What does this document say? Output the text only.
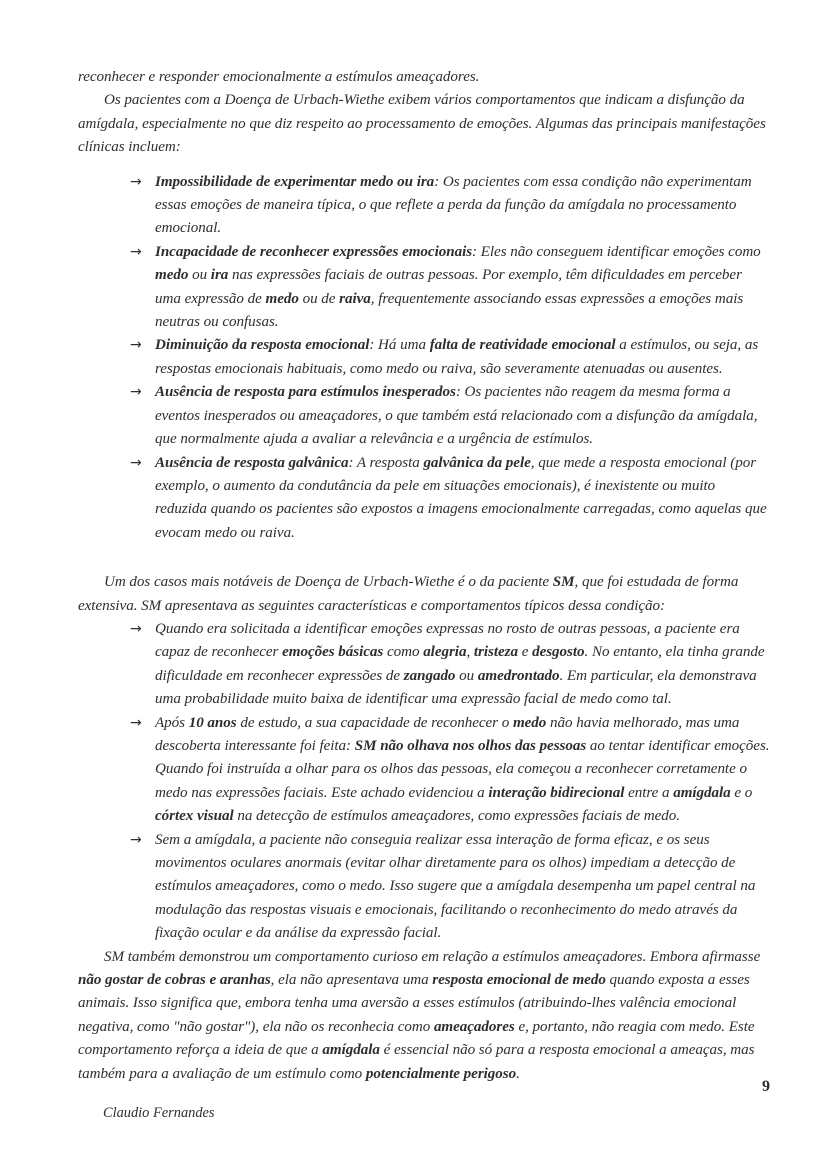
reconhecer e responder emocionalmente a estímulos ameaçadores.

Os pacientes com a Doença de Urbach-Wiethe exibem vários comportamentos que indicam a disfunção da amígdala, especialmente no que diz respeito ao processamento de emoções. Algumas das principais manifestações clínicas incluem:

→ Impossibilidade de experimentar medo ou ira: Os pacientes com essa condição não experimentam essas emoções de maneira típica, o que reflete a perda da função da amígdala no processamento emocional.
→ Incapacidade de reconhecer expressões emocionais: Eles não conseguem identificar emoções como medo ou ira nas expressões faciais de outras pessoas. Por exemplo, têm dificuldades em perceber uma expressão de medo ou de raiva, frequentemente associando essas expressões a emoções mais neutras ou confusas.
→ Diminuição da resposta emocional: Há uma falta de reatividade emocional a estímulos, ou seja, as respostas emocionais habituais, como medo ou raiva, são severamente atenuadas ou ausentes.
→ Ausência de resposta para estímulos inesperados: Os pacientes não reagem da mesma forma a eventos inesperados ou ameaçadores, o que também está relacionado com a disfunção da amígdala, que normalmente ajuda a avaliar a relevância e a urgência de estímulos.
→ Ausência de resposta galvânica: A resposta galvânica da pele, que mede a resposta emocional (por exemplo, o aumento da condutância da pele em situações emocionais), é inexistente ou muito reduzida quando os pacientes são expostos a imagens emocionalmente carregadas, como aquelas que evocam medo ou raiva.

Um dos casos mais notáveis de Doença de Urbach-Wiethe é o da paciente SM, que foi estudada de forma extensiva. SM apresentava as seguintes características e comportamentos típicos dessa condição:

→ Quando era solicitada a identificar emoções expressas no rosto de outras pessoas, a paciente era capaz de reconhecer emoções básicas como alegria, tristeza e desgosto. No entanto, ela tinha grande dificuldade em reconhecer expressões de zangado ou amedrontado. Em particular, ela demonstrava uma probabilidade muito baixa de identificar uma expressão facial de medo como tal.
→ Após 10 anos de estudo, a sua capacidade de reconhecer o medo não havia melhorado, mas uma descoberta interessante foi feita: SM não olhava nos olhos das pessoas ao tentar identificar emoções. Quando foi instruída a olhar para os olhos das pessoas, ela começou a reconhecer corretamente o medo nas expressões faciais. Este achado evidenciou a interação bidirecional entre a amígdala e o córtex visual na detecção de estímulos ameaçadores, como expressões faciais de medo.
→ Sem a amígdala, a paciente não conseguia realizar essa interação de forma eficaz, e os seus movimentos oculares anormais (evitar olhar diretamente para os olhos) impediam a detecção de estímulos ameaçadores, como o medo. Isso sugere que a amígdala desempenha um papel central na modulação das respostas visuais e emocionais, facilitando o reconhecimento do medo através da fixação ocular e da análise da expressão facial.

SM também demonstrou um comportamento curioso em relação a estímulos ameaçadores. Embora afirmasse não gostar de cobras e aranhas, ela não apresentava uma resposta emocional de medo quando exposta a esses animais. Isso significa que, embora tenha uma aversão a esses estímulos (atribuindo-lhes valência emocional negativa, como "não gostar"), ela não os reconhecia como ameaçadores e, portanto, não reagia com medo. Este comportamento reforça a ideia de que a amígdala é essencial não só para a resposta emocional a ameaças, mas também para a avaliação de um estímulo como potencialmente perigoso.

9
Claudio Fernandes
